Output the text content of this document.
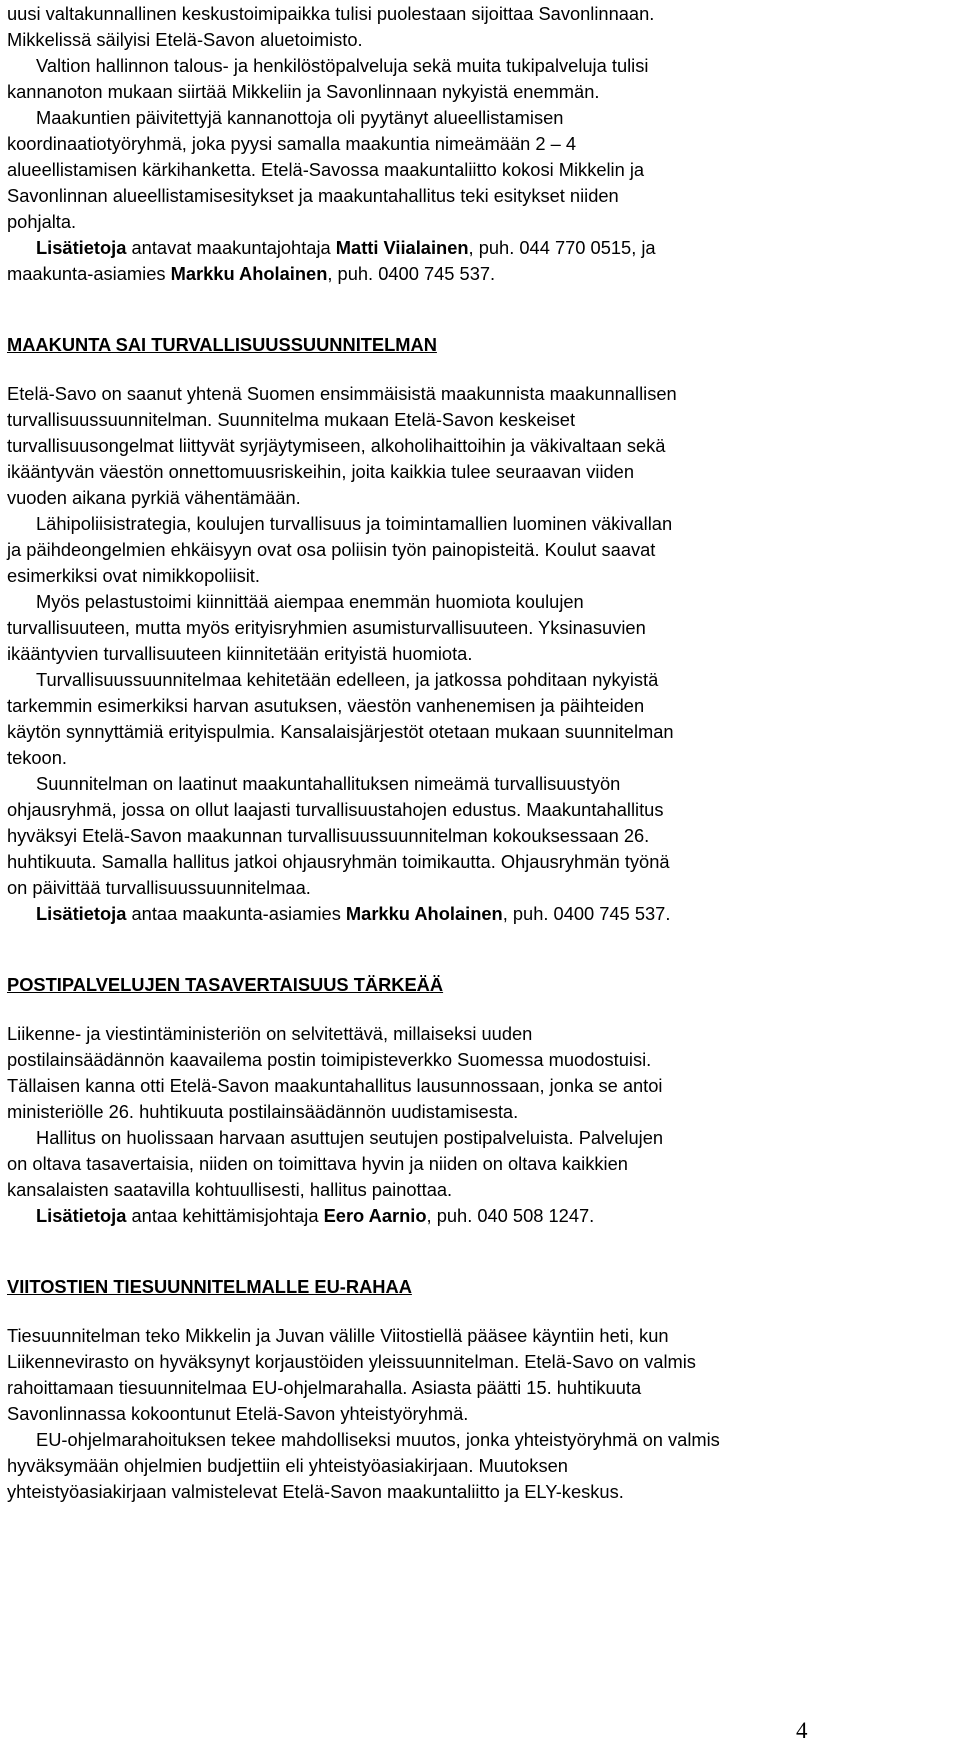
uusi valtakunnallinen keskustoimipaikka tulisi puolestaan sijoittaa Savonlinnaan.
Mikkelissä säilyisi Etelä-Savon aluetoimisto.
Valtion hallinnon talous- ja henkilöstöpalveluja sekä muita tukipalveluja tulisi
kannanoton mukaan siirtää Mikkeliin ja Savonlinnaan nykyistä enemmän.
Maakuntien päivitettyjä kannanottoja oli pyytänyt alueellistamisen
koordinaatiotyöryhmä, joka pyysi samalla maakuntia nimeämään 2 – 4
alueellistamisen kärkihanketta. Etelä-Savossa maakuntaliitto kokosi Mikkelin ja
Savonlinnan alueellistamisesitykset ja maakuntahallitus teki esitykset niiden
pohjalta.
Lisätietoja antavat maakuntajohtaja Matti Viialainen, puh. 044 770 0515, ja
maakunta-asiamies Markku Aholainen, puh. 0400 745 537.
MAAKUNTA SAI TURVALLISUUSSUUNNITELMAN
Etelä-Savo on saanut yhtenä Suomen ensimmäisistä maakunnista maakunnallisen
turvallisuussuunnitelman. Suunnitelma mukaan Etelä-Savon keskeiset
turvallisuusongelmat liittyvät syrjäytymiseen, alkoholihaittoihin ja väkivaltaan sekä
ikääntyvän väestön onnettomuusriskeihin, joita kaikkia tulee seuraavan viiden
vuoden aikana pyrkiä vähentämään.
Lähipoliisistrategia, koulujen turvallisuus ja toimintamallien luominen väkivallan
ja päihdeongelmien ehkäisyyn ovat osa poliisin työn painopisteitä. Koulut saavat
esimerkiksi ovat nimikkopoliisit.
Myös pelastustoimi kiinnittää aiempaa enemmän huomiota koulujen
turvallisuuteen, mutta myös erityisryhmien asumisturvallisuuteen. Yksinasuvien
ikääntyvien turvallisuuteen kiinnitetään erityistä huomiota.
Turvallisuussuunnitelmaa kehitetään edelleen, ja jatkossa pohditaan nykyistä
tarkemmin esimerkiksi harvan asutuksen, väestön vanhenemisen ja päihteiden
käytön synnyttämiä erityispulmia. Kansalaisjärjestöt otetaan mukaan suunnitelman
tekoon.
Suunnitelman on laatinut maakuntahallituksen nimeämä turvallisuustyön
ohjausryhmä, jossa on ollut laajasti turvallisuustahojen edustus. Maakuntahallitus
hyväksyi Etelä-Savon maakunnan turvallisuussuunnitelman kokouksessaan 26.
huhtikuuta. Samalla hallitus jatkoi ohjausryhmän toimikautta. Ohjausryhmän työnä
on päivittää turvallisuussuunnitelmaa.
Lisätietoja antaa maakunta-asiamies Markku Aholainen, puh. 0400 745 537.
POSTIPALVELUJEN TASAVERTAISUUS TÄRKEÄÄ
Liikenne- ja viestintäministeriön on selvitettävä, millaiseksi uuden
postilainsäädännön kaavailema postin toimipisteverkko Suomessa muodostuisi.
Tällaisen kanna otti Etelä-Savon maakuntahallitus lausunnossaan, jonka se antoi
ministeriölle 26. huhtikuuta postilainsäädännön uudistamisesta.
Hallitus on huolissaan harvaan asuttujen seutujen postipalveluista. Palvelujen
on oltava tasavertaisia, niiden on toimittava hyvin ja niiden on oltava kaikkien
kansalaisten saatavilla kohtuullisesti, hallitus painottaa.
Lisätietoja antaa kehittämisjohtaja Eero Aarnio, puh. 040 508 1247.
VIITOSTIEN TIESUUNNITELMALLE EU-RAHAA
Tiesuunnitelman teko Mikkelin ja Juvan välille Viitostiellä pääsee käyntiin heti, kun
Liikennevirasto on hyväksynyt korjaustöiden yleissuunnitelman. Etelä-Savo on valmis
rahoittamaan tiesuunnitelmaa EU-ohjelmarahalla. Asiasta päätti 15. huhtikuuta
Savonlinnassa kokoontunut Etelä-Savon yhteistyöryhmä.
EU-ohjelmarahoituksen tekee mahdolliseksi muutos, jonka yhteistyöryhmä on valmis
hyväksymään ohjelmien budjettiin eli yhteistyöasiakirjaan. Muutoksen
yhteistyöasiakirjaan valmistelevat Etelä-Savon maakuntaliitto ja ELY-keskus.
4
